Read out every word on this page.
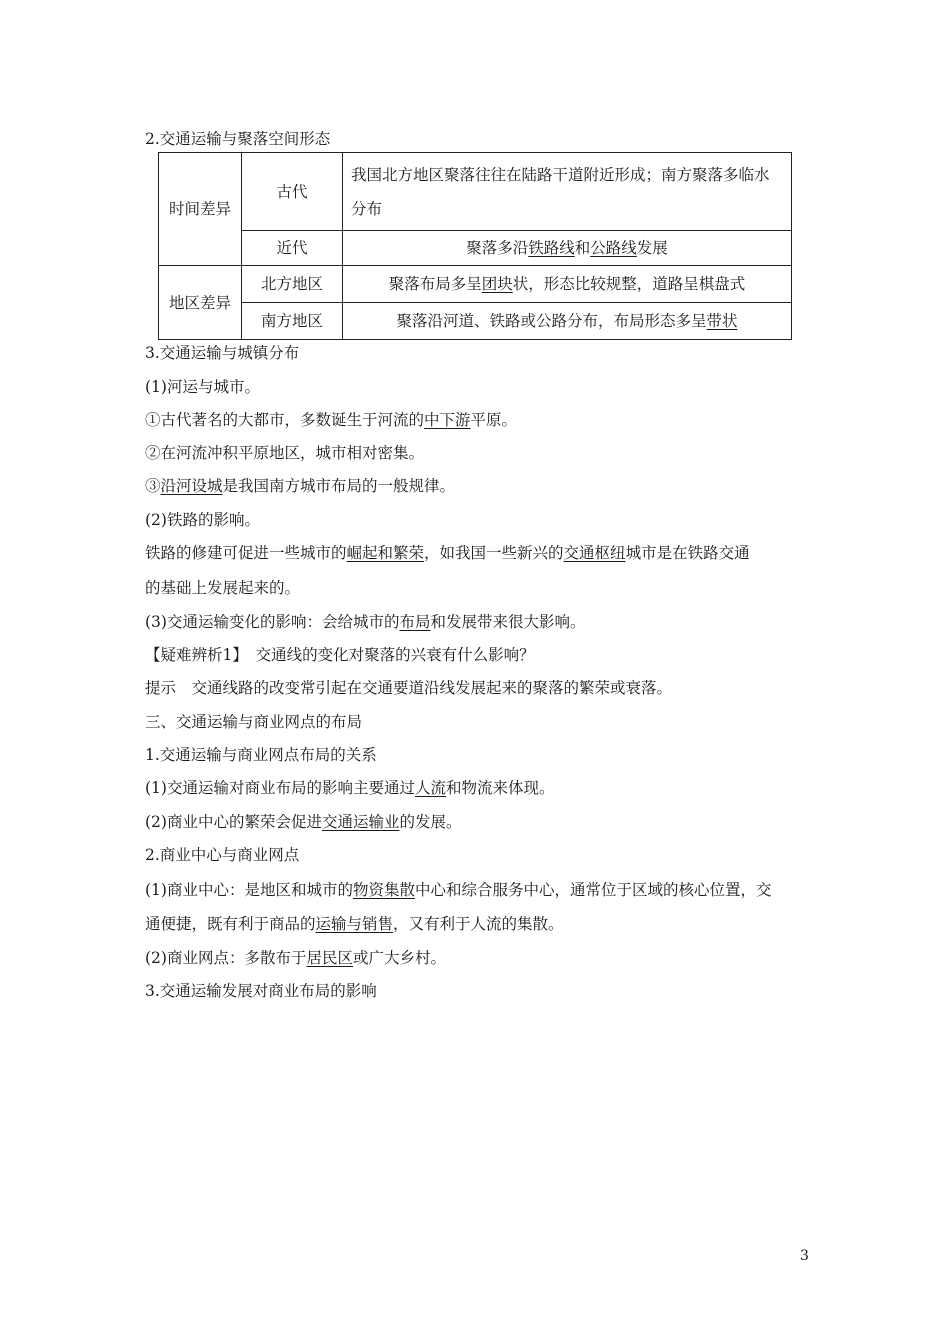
2.交通运输与聚落空间形态
时间差异	古代	我国北方地区聚落往往在陆路干道附近形成；南方聚落多临水分布
	近代	聚落多沿铁路线和公路线发展
地区差异	北方地区	聚落布局多呈团块状，形态比较规整，道路呈棋盘式
	南方地区	聚落沿河道、铁路或公路分布，布局形态多呈带状
3.交通运输与城镇分布
(1)河运与城市。
①古代著名的大都市，多数诞生于河流的中下游平原。
②在河流冲积平原地区，城市相对密集。
③沿河设城是我国南方城市布局的一般规律。
(2)铁路的影响。
铁路的修建可促进一些城市的崛起和繁荣，如我国一些新兴的交通枢纽城市是在铁路交通
的基础上发展起来的。
(3)交通运输变化的影响：会给城市的布局和发展带来很大影响。
【疑难辨析1】　交通线的变化对聚落的兴衰有什么影响？
提示　交通线路的改变常引起在交通要道沿线发展起来的聚落的繁荣或衰落。
三、交通运输与商业网点的布局
1.交通运输与商业网点布局的关系
(1)交通运输对商业布局的影响主要通过人流和物流来体现。
(2)商业中心的繁荣会促进交通运输业的发展。
2.商业中心与商业网点
(1)商业中心：是地区和城市的物资集散中心和综合服务中心，通常位于区域的核心位置，交
通便捷，既有利于商品的运输与销售，又有利于人流的集散。
(2)商业网点：多散布于居民区或广大乡村。
3.交通运输发展对商业布局的影响
3
